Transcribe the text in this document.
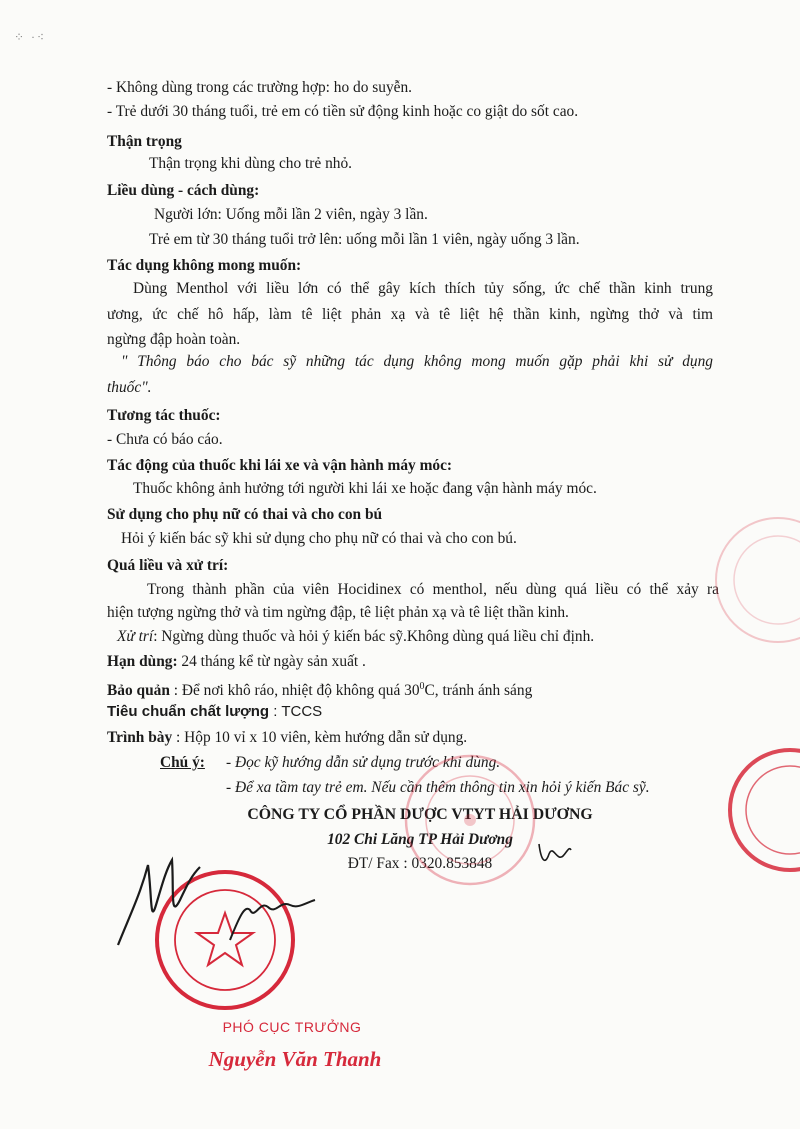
⁘ ·⁖
- Không dùng trong các trường hợp: ho do suyễn.
- Trẻ dưới 30 tháng tuổi, trẻ em có tiền sử động kinh hoặc co giật do sốt cao.
Thận trọng
Thận trọng khi dùng cho trẻ nhỏ.
Liều dùng - cách dùng:
Người lớn: Uống mỗi lần 2 viên, ngày 3 lần.
Trẻ em từ 30 tháng tuổi trở lên: uống mỗi lần 1 viên, ngày uống 3 lần.
Tác dụng không mong muốn:
Dùng Menthol với liều lớn có thể gây kích thích tủy sống, ức chế thần kinh trung
ương, ức chế hô hấp, làm tê liệt phản xạ và tê liệt hệ thần kinh, ngừng thở và tim
ngừng đập hoàn toàn.
" Thông báo cho bác sỹ những tác dụng không mong muốn gặp phải khi sử dụng
thuốc".
Tương tác thuốc:
- Chưa có báo cáo.
Tác động của thuốc khi lái xe và vận hành máy móc:
Thuốc không ảnh hưởng tới người khi lái xe hoặc đang vận hành máy móc.
Sử dụng cho phụ nữ có thai và cho con bú
Hỏi ý kiến bác sỹ khi sử dụng cho phụ nữ có thai và cho con bú.
Quá liều và xử trí:
Trong thành phần của viên Hocidinex có menthol, nếu dùng quá liều có thể xảy ra
hiện tượng ngừng thở và tim ngừng đập, tê liệt phản xạ và tê liệt thần kinh.
Xử trí: Ngừng dùng thuốc và hỏi ý kiến bác sỹ.Không dùng quá liều chỉ định.
Hạn dùng: 24 tháng kể từ ngày sản xuất .
Bảo quản : Để nơi khô ráo, nhiệt độ không quá $30^0C$, tránh ánh sáng
Tiêu chuẩn chất lượng : TCCS
Trình bày : Hộp 10 vỉ x 10 viên, kèm hướng dẫn sử dụng.
Chú ý: - Đọc kỹ hướng dẫn sử dụng trước khi dùng.
- Để xa tầm tay trẻ em. Nếu cần thêm thông tin xin hỏi ý kiến Bác sỹ.
CÔNG TY CỔ PHẦN DƯỢC VTYT HẢI DƯƠNG
102 Chi Lăng TP Hải Dương
ĐT/ Fax : 0320.853848
PHÓ CỤC TRƯỞNG
Nguyễn Văn Thanh
